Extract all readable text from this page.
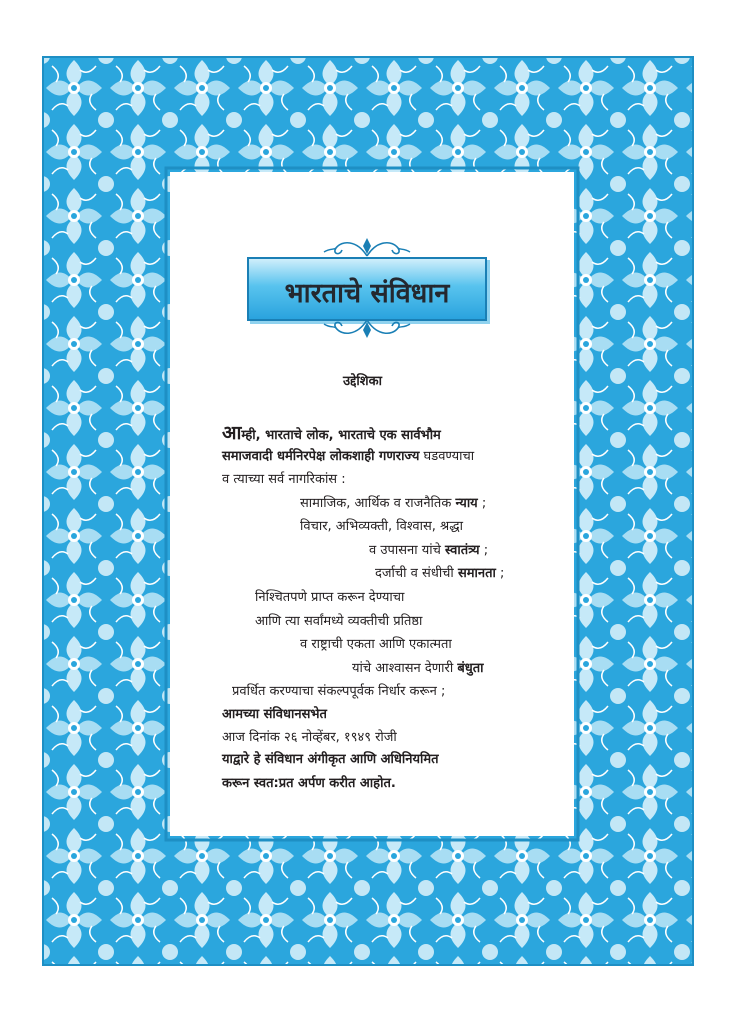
भारताचे संविधान
उद्देशिका
आम्ही, भारताचे लोक, भारताचे एक सार्वभौम
समाजवादी धर्मनिरपेक्ष लोकशाही गणराज्य घडवण्याचा
व त्याच्या सर्व नागरिकांस :
सामाजिक, आर्थिक व राजनैतिक न्याय ;
विचार, अभिव्यक्ती, विश्वास, श्रद्धा
व उपासना यांचे स्वातंत्र्य ;
दर्जाची व संधीची समानता ;
निश्चितपणे प्राप्त करून देण्याचा
आणि त्या सर्वांमध्ये व्यक्तीची प्रतिष्ठा
व राष्ट्राची एकता आणि एकात्मता
यांचे आश्वासन देणारी बंधुता
प्रवर्धित करण्याचा संकल्पपूर्वक निर्धार करून ;
आमच्या संविधानसभेत
आज दिनांक २६ नोव्हेंबर, १९४९ रोजी
याद्वारे हे संविधान अंगीकृत आणि अधिनियमित
करून स्वत:प्रत अर्पण करीत आहोत.
